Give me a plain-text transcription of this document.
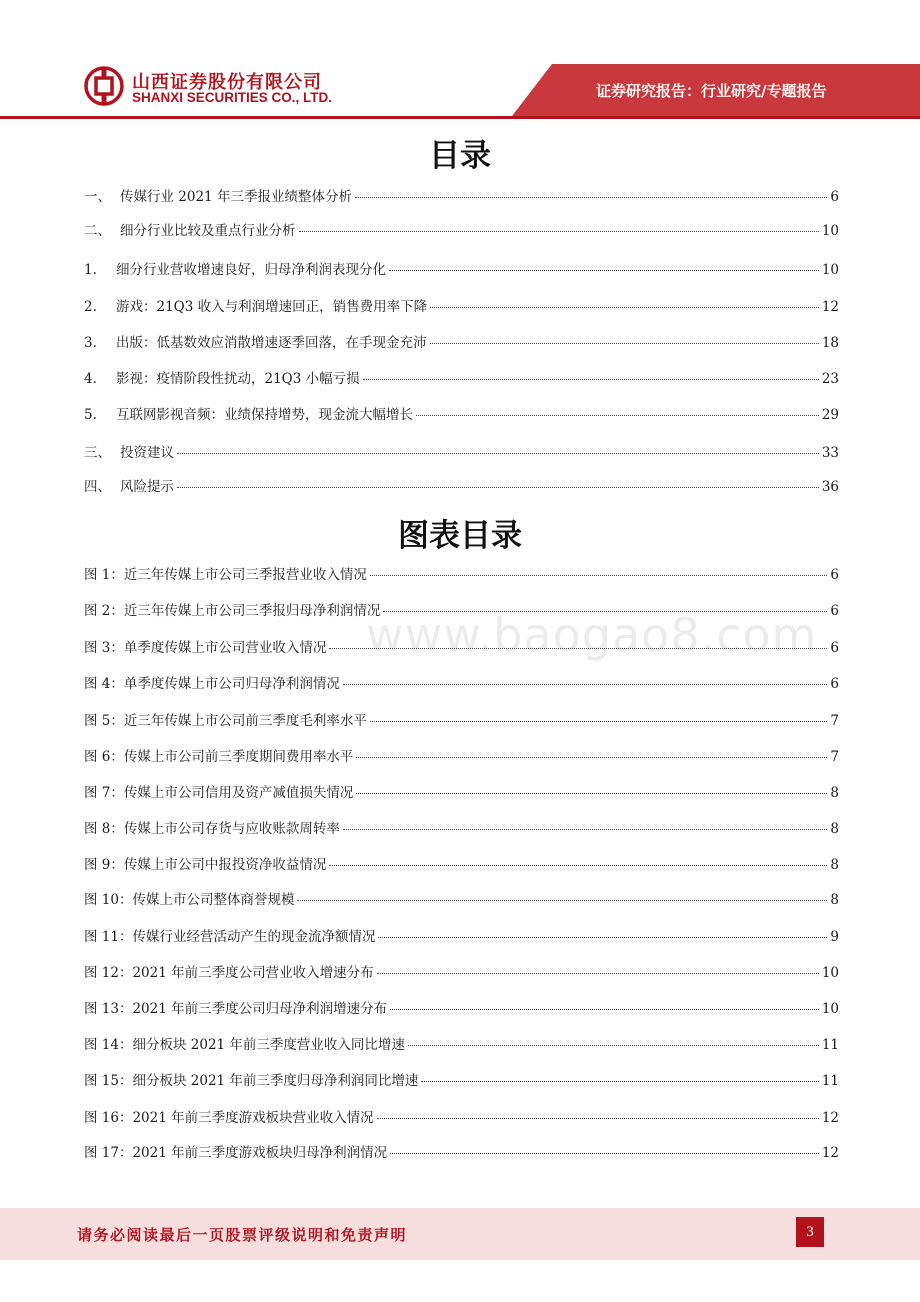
山西证券股份有限公司
SHANXI SECURITIES CO., LTD.	证券研究报告：行业研究/专题报告
www.baogao8.com
目录
一、 传媒行业 2021 年三季报业绩整体分析	6
二、 细分行业比较及重点行业分析	10
1.	细分行业营收增速良好，归母净利润表现分化	10
2.	游戏：21Q3 收入与利润增速回正，销售费用率下降	12
3.	出版：低基数效应消散增速逐季回落，在手现金充沛	18
4.	影视：疫情阶段性扰动，21Q3 小幅亏损	23
5.	互联网影视音频：业绩保持增势，现金流大幅增长	29
三、 投资建议	33
四、 风险提示	36
图表目录
图 1：近三年传媒上市公司三季报营业收入情况	6
图 2：近三年传媒上市公司三季报归母净利润情况	6
图 3：单季度传媒上市公司营业收入情况	6
图 4：单季度传媒上市公司归母净利润情况	6
图 5：近三年传媒上市公司前三季度毛利率水平	7
图 6：传媒上市公司前三季度期间费用率水平	7
图 7：传媒上市公司信用及资产减值损失情况	8
图 8：传媒上市公司存货与应收账款周转率	8
图 9：传媒上市公司中报投资净收益情况	8
图 10：传媒上市公司整体商誉规模	8
图 11：传媒行业经营活动产生的现金流净额情况	9
图 12：2021 年前三季度公司营业收入增速分布	10
图 13：2021 年前三季度公司归母净利润增速分布	10
图 14：细分板块 2021 年前三季度营业收入同比增速	11
图 15：细分板块 2021 年前三季度归母净利润同比增速	11
图 16：2021 年前三季度游戏板块营业收入情况	12
图 17：2021 年前三季度游戏板块归母净利润情况	12
请务必阅读最后一页股票评级说明和免责声明	3
